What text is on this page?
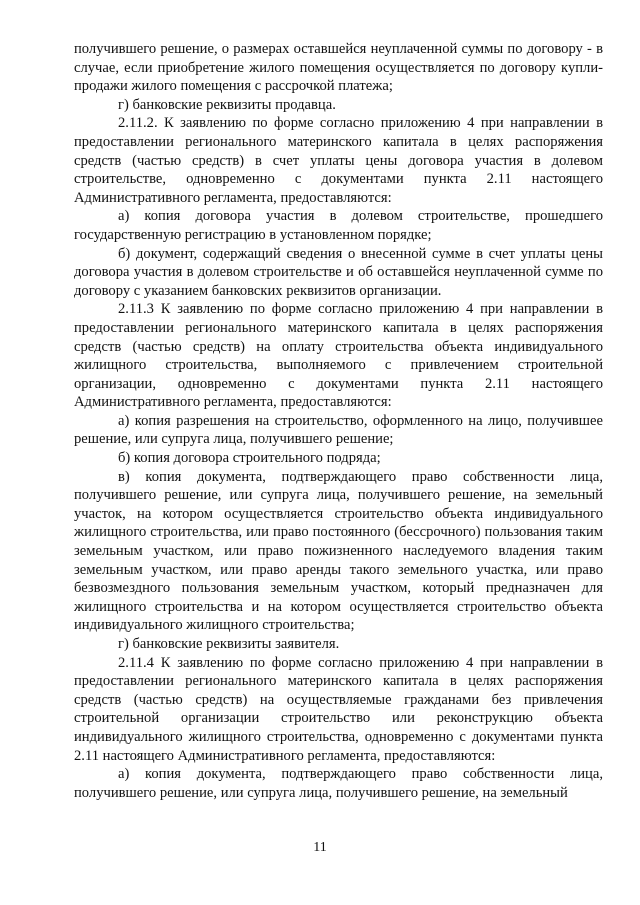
получившего решение, о размерах оставшейся неуплаченной суммы по договору - в случае, если приобретение жилого помещения осуществляется по договору купли-продажи жилого помещения с рассрочкой платежа;

г) банковские реквизиты продавца.

2.11.2. К заявлению по форме согласно приложению 4 при направлении в предоставлении регионального материнского капитала в целях распоряжения средств (частью средств) в счет уплаты цены договора участия в долевом строительстве, одновременно с документами пункта 2.11 настоящего Административного регламента, предоставляются:

а) копия договора участия в долевом строительстве, прошедшего государственную регистрацию в установленном порядке;

б) документ, содержащий сведения о внесенной сумме в счет уплаты цены договора участия в долевом строительстве и об оставшейся неуплаченной сумме по договору с указанием банковских реквизитов организации.

2.11.3 К заявлению по форме согласно приложению 4 при направлении в предоставлении регионального материнского капитала в целях распоряжения средств (частью средств) на оплату строительства объекта индивидуального жилищного строительства, выполняемого с привлечением строительной организации, одновременно с документами пункта 2.11 настоящего Административного регламента, предоставляются:

а) копия разрешения на строительство, оформленного на лицо, получившее решение, или супруга лица, получившего решение;

б) копия договора строительного подряда;

в) копия документа, подтверждающего право собственности лица, получившего решение, или супруга лица, получившего решение, на земельный участок, на котором осуществляется строительство объекта индивидуального жилищного строительства, или право постоянного (бессрочного) пользования таким земельным участком, или право пожизненного наследуемого владения таким земельным участком, или право аренды такого земельного участка, или право безвозмездного пользования земельным участком, который предназначен для жилищного строительства и на котором осуществляется строительство объекта индивидуального жилищного строительства;

г) банковские реквизиты заявителя.

2.11.4 К заявлению по форме согласно приложению 4 при направлении в предоставлении регионального материнского капитала в целях распоряжения средств (частью средств) на осуществляемые гражданами без привлечения строительной организации строительство или реконструкцию объекта индивидуального жилищного строительства, одновременно с документами пункта 2.11 настоящего Административного регламента, предоставляются:

а) копия документа, подтверждающего право собственности лица, получившего решение, или супруга лица, получившего решение, на земельный

11
